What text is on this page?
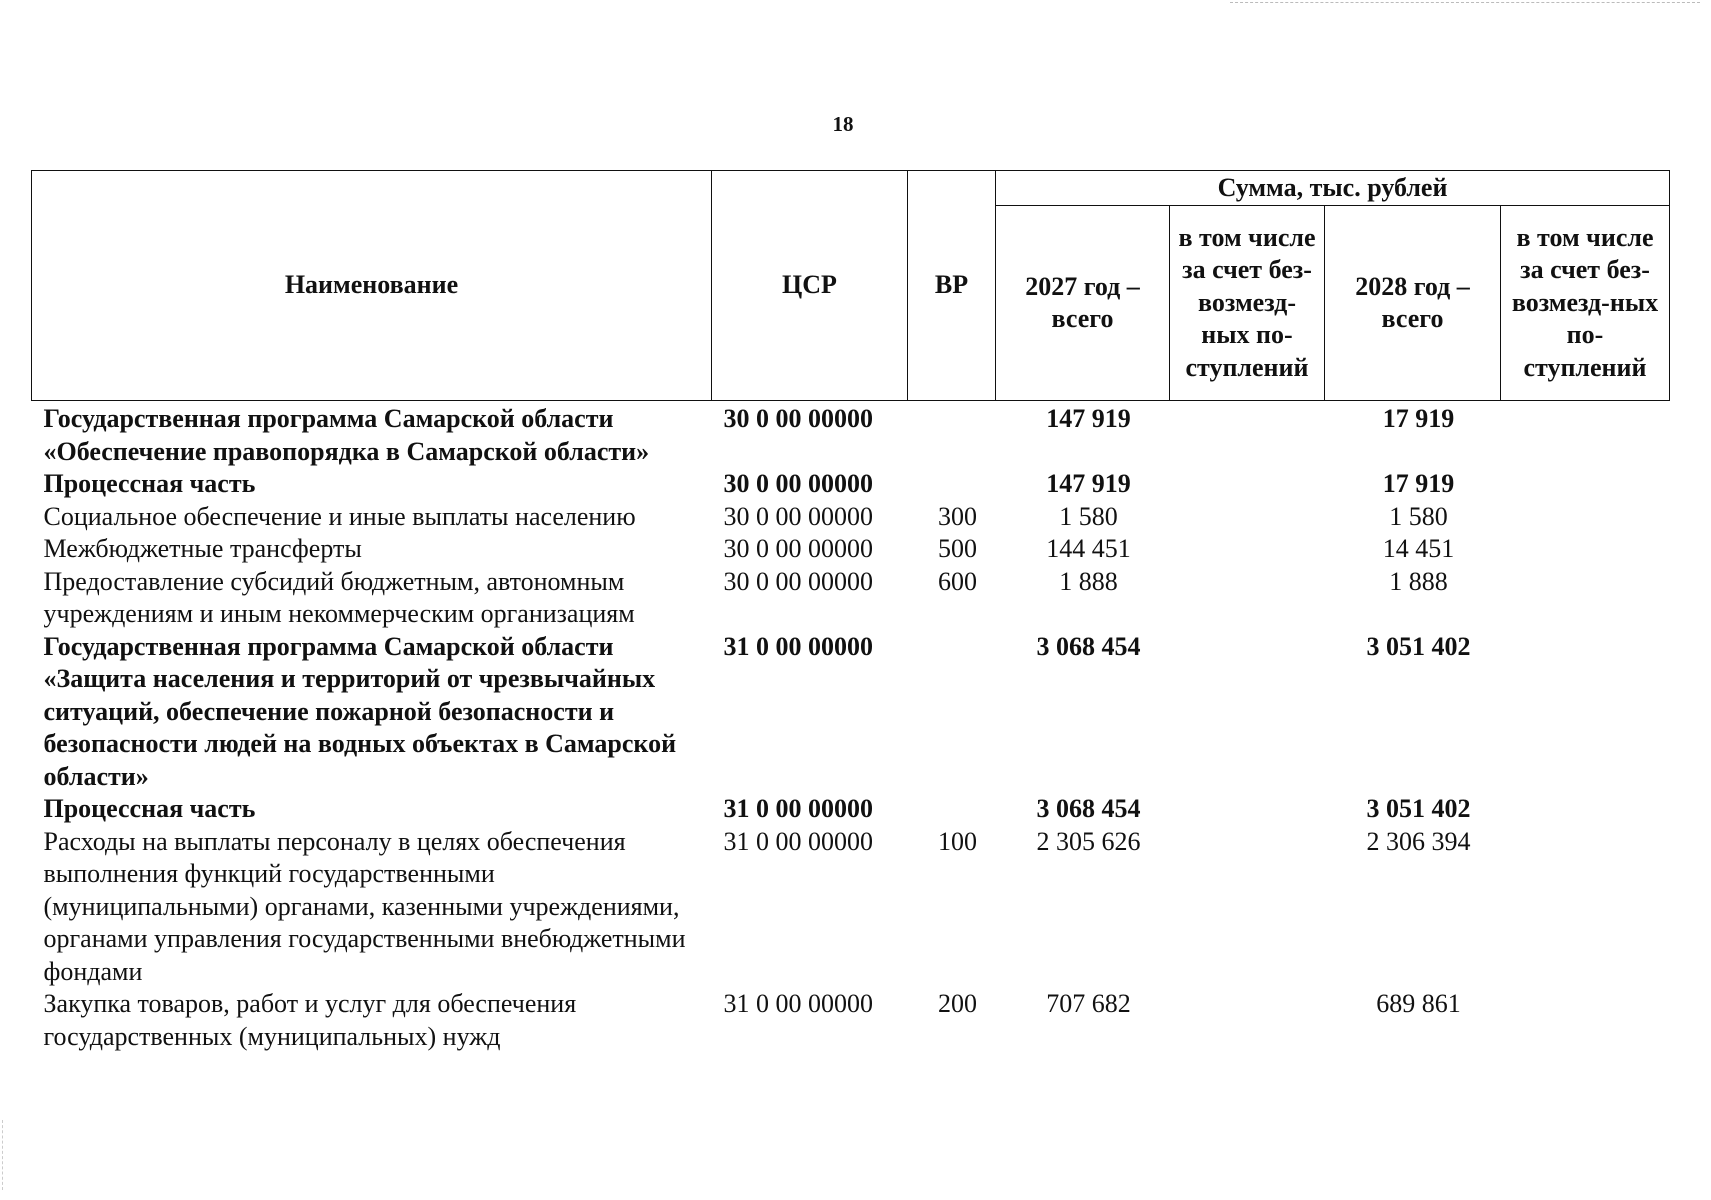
18
Наименование	ЦСР	ВР	Сумма, тыс. рублей			
			2027 год – всего	в том числе за счет без-возмезд-ных по-ступлений	2028 год – всего	в том числе за счет без-возмезд-ных по-ступлений
Государственная программа Самарской области «Обеспечение правопорядка в Самарской области»	30 0 00 00000		147 919		17 919	
Процессная часть	30 0 00 00000		147 919		17 919	
Социальное обеспечение и иные выплаты населению	30 0 00 00000	300	1 580		1 580	
Межбюджетные трансферты	30 0 00 00000	500	144 451		14 451	
Предоставление субсидий бюджетным, автономным учреждениям и иным некоммерческим организациям	30 0 00 00000	600	1 888		1 888	
Государственная программа Самарской области «Защита населения и территорий от чрезвычайных ситуаций, обеспечение пожарной безопасности и безопасности людей на водных объектах в Самарской области»	31 0 00 00000		3 068 454		3 051 402	
Процессная часть	31 0 00 00000		3 068 454		3 051 402	
Расходы на выплаты персоналу в целях обеспечения выполнения функций государственными (муниципальными) органами, казенными учреждениями, органами управления государственными внебюджетными фондами	31 0 00 00000	100	2 305 626		2 306 394	
Закупка товаров, работ и услуг для обеспечения государственных (муниципальных) нужд	31 0 00 00000	200	707 682		689 861	
